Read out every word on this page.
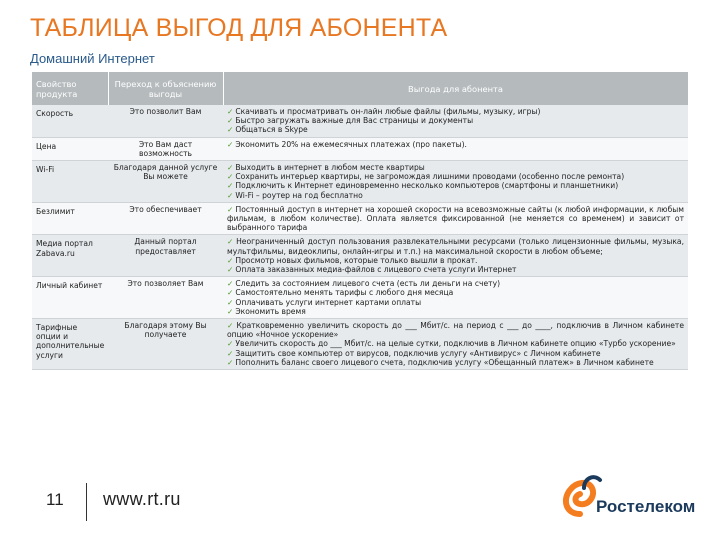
ТАБЛИЦА ВЫГОД ДЛЯ АБОНЕНТА
Домашний Интернет
Свойство продукта	Переход к объяснению выгоды	Выгода для абонента
Скорость	Это позволит Вам	✓ Скачивать и просматривать он-лайн любые файлы (фильмы, музыку, игры)
✓ Быстро загружать важные для Вас страницы и документы
✓ Общаться в Skype

Цена	Это Вам даст возможность	✓ Экономить 20% на ежемесячных платежах (про пакеты).

Wi-Fi	Благодаря данной услуге Вы можете	✓ Выходить в интернет в любом месте квартиры
✓ Сохранить интерьер квартиры, не загромождая лишними проводами (особенно после ремонта)
✓ Подключить к Интернет единовременно несколько компьютеров (смартфоны и планшетники)
✓ Wi-Fi – роутер на год бесплатно

Безлимит	Это обеспечивает	✓ Постоянный доступ в интернет на хорошей скорости на всевозможные сайты (к любой информации, к любым фильмам, в любом количестве). Оплата является фиксированной (не меняется со временем) и зависит от выбранного тарифа

Медиа портал Zabava.ru	Данный портал предоставляет	✓ Неограниченный доступ пользования развлекательными ресурсами (только лицензионные фильмы, музыка, мультфильмы, видеоклипы, онлайн-игры и т.п.) на максимальной скорости в любом объеме;
✓ Просмотр новых фильмов, которые только вышли в прокат.
✓ Оплата заказанных медиа-файлов с лицевого счета услуги Интернет

Личный кабинет	Это позволяет Вам	✓ Следить за состоянием лицевого счета (есть ли деньги на счету)
✓ Самостоятельно менять тарифы с любого дня месяца
✓ Оплачивать услуги интернет картами оплаты
✓ Экономить время

Тарифные опции и дополнительные услуги	Благодаря этому Вы получаете	✓ Кратковременно увеличить скорость до ___ Мбит/с. на период с ___ до ____, подключив в Личном кабинете опцию «Ночное ускорение»
✓ Увеличить скорость до ___ Мбит/с. на целые сутки, подключив в Личном кабинете опцию «Турбо ускорение»
✓ Защитить свое компьютер от вирусов, подключив услугу «Антивирус» с Личном кабинете
✓ Пополнить баланс своего лицевого счета, подключив услугу «Обещанный платеж» в Личном кабинете
11 www.rt.ru	Ростелеком
